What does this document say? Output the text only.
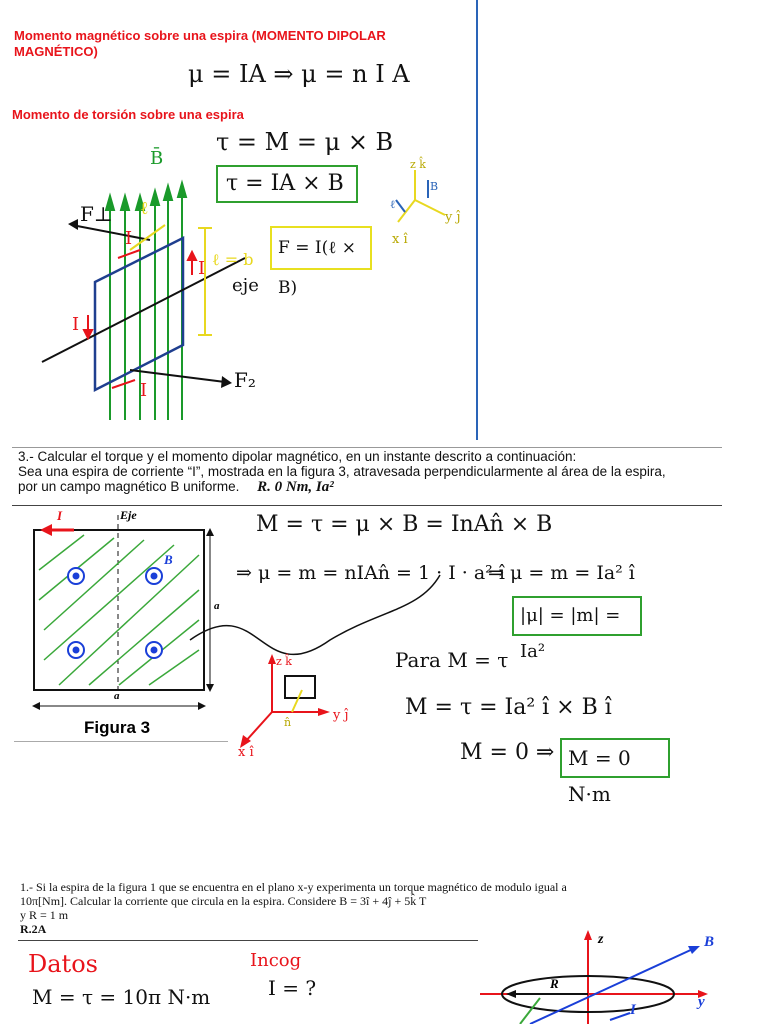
Momento magnético sobre una espira (MOMENTO DIPOLAR
MAGNÉTICO)
μ = IA ⇒ μ = n I A
Momento de torsión sobre una espira
τ = M = μ × B
τ = IA × B
F = I(ℓ × B)
B̄
F⊥
F₂
ℓ
ℓ = b
eje
I
I
I
I
z k̂
B
ℓ
y ĵ
x î
3.- Calcular el torque y el momento dipolar magnético, en un instante descrito a continuación:
Sea una espira de corriente “I”, mostrada en la figura 3, atravesada perpendicularmente al área de la espira,
por un campo magnético B uniforme. R. 0 Nm, Ia²
I	Eje
B⃗
a
a
Figura 3
M = τ = μ × B = InAn̂ × B
⇒ μ = m = nIAn̂ = 1 · I · a² î
⇒ μ = m = Ia² î
|μ| = |m| = Ia²
Para M = τ
M = τ = Ia² î × B î
M = 0 ⇒ M = 0 N·m
z k̂
y ĵ
x î
n̂
1.- Si la espira de la figura 1 que se encuentra en el plano x-y experimenta un torque magnético de modulo igual a
10π[Nm]. Calcular la corriente que circula en la espira. Considere B = 3î + 4ĵ + 5k̂ T
y R = 1 m
R.2A
Datos	Incog
M = τ = 10π N·m	I = ?
z	B⃗
R
y
I
